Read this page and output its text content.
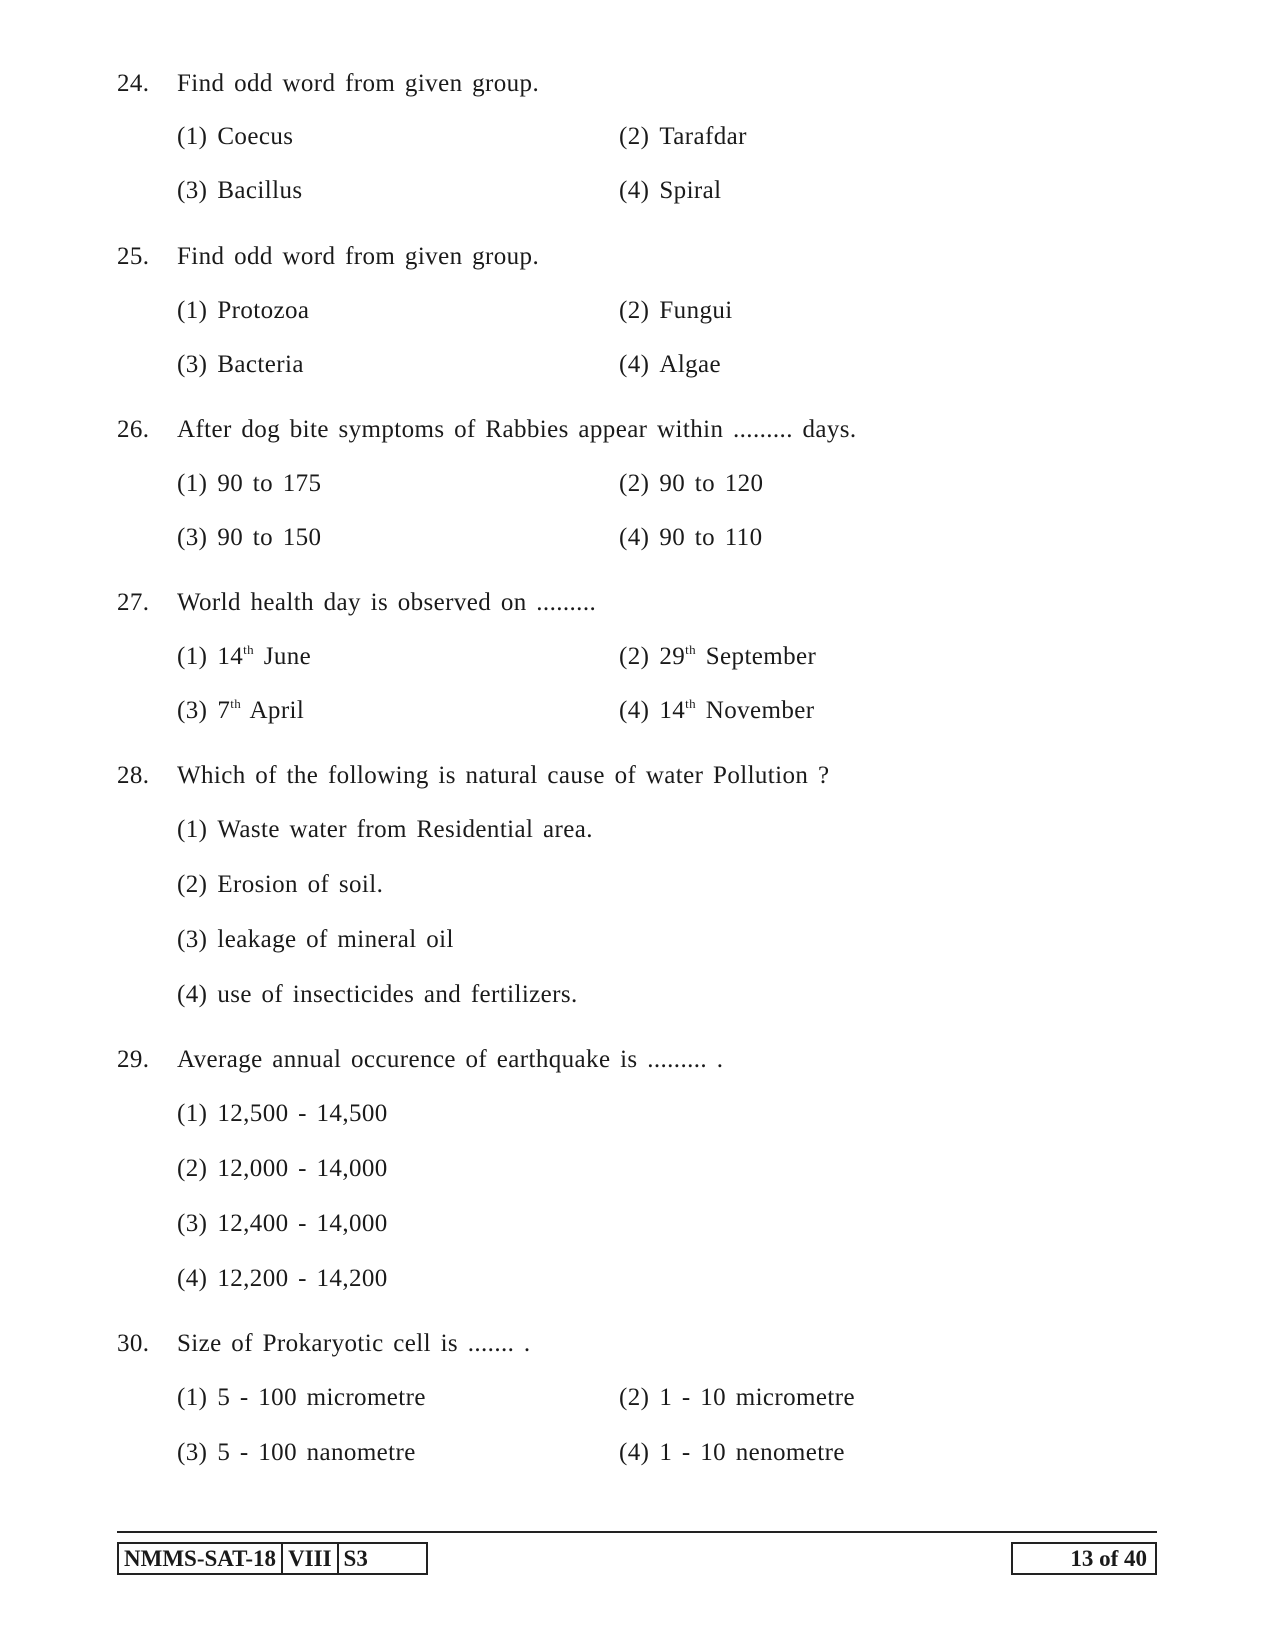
24. Find odd word from given group.
(1) Coecus	(2) Tarafdar
(3) Bacillus	(4) Spiral
25. Find odd word from given group.
(1) Protozoa	(2) Fungui
(3) Bacteria	(4) Algae
26. After dog bite symptoms of Rabbies appear within ......... days.
(1) 90 to 175	(2) 90 to 120
(3) 90 to 150	(4) 90 to 110
27. World health day is observed on .........
(1) 14th June	(2) 29th September
(3) 7th April	(4) 14th November
28. Which of the following is natural cause of water Pollution ?
(1) Waste water from Residential area.
(2) Erosion of soil.
(3) leakage of mineral oil
(4) use of insecticides and fertilizers.
29. Average annual occurence of earthquake is ......... .
(1) 12,500 - 14,500
(2) 12,000 - 14,000
(3) 12,400 - 14,000
(4) 12,200 - 14,200
30. Size of Prokaryotic cell is ....... .
(1) 5 - 100 micrometre	(2) 1 - 10 micrometre
(3) 5 - 100 nanometre	(4) 1 - 10 nenometre
NMMS-SAT-18 VIII S3	13 of 40
